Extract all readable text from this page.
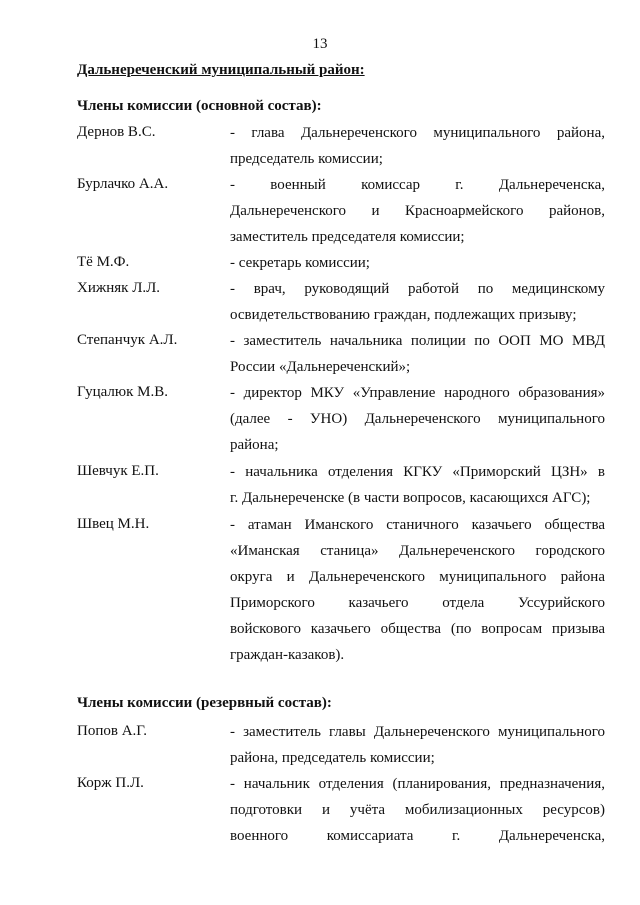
13
Дальнереченский муниципальный район:
Члены комиссии (основной состав):
Дернов В.С.	- глава Дальнереченского муниципального района,
председатель комиссии;
Бурлачко А.А.	- военный комиссар г. Дальнереченска,
Дальнереченского и Красноармейского районов,
заместитель председателя комиссии;
Тё М.Ф.	- секретарь комиссии;
Хижняк Л.Л.	- врач, руководящий работой по медицинскому
освидетельствованию граждан, подлежащих призыву;
Степанчук А.Л.	- заместитель начальника полиции по ООП МО МВД
России «Дальнереченский»;
Гуцалюк М.В.	- директор МКУ «Управление народного образования»
(далее - УНО) Дальнереченского муниципального
района;
Шевчук Е.П.	- начальника отделения КГКУ «Приморский ЦЗН» в
г. Дальнереченске (в части вопросов, касающихся АГС);
Швец М.Н.	- атаман Иманского станичного казачьего общества
«Иманская станица» Дальнереченского городского
округа и Дальнереченского муниципального района
Приморского казачьего отдела Уссурийского
войскового казачьего общества (по вопросам призыва
граждан-казаков).
Члены комиссии (резервный состав):
Попов А.Г.	- заместитель главы Дальнереченского муниципального
района, председатель комиссии;
Корж П.Л.	- начальник отделения (планирования, предназначения,
подготовки и учёта мобилизационных ресурсов)
военного комиссариата г. Дальнереченска,
